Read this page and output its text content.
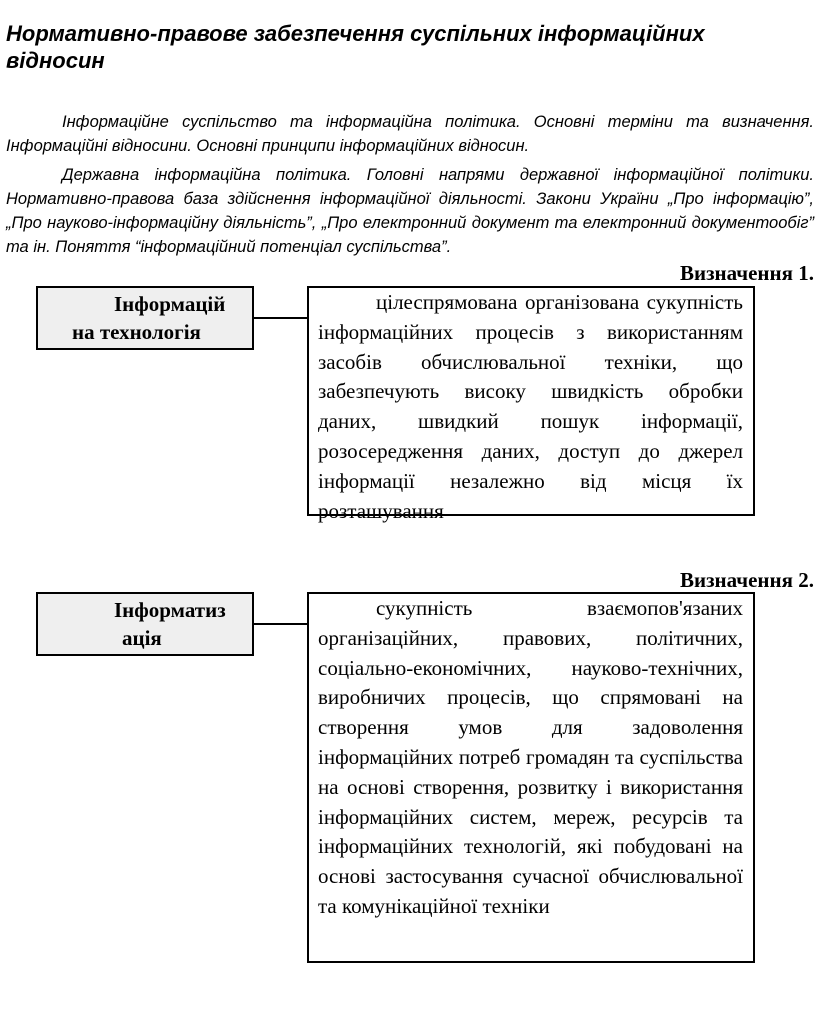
Нормативно-правове забезпечення суспільних інформаційних відносин

Інформаційне суспільство та інформаційна політика. Основні терміни та визначення. Інформаційні відносини. Основні принципи інформаційних відносин.

Державна інформаційна політика. Головні напрями державної інформаційної політики. Нормативно-правова база здійснення інформаційної діяльності. Закони України „Про інформацію”, „Про науково-інформаційну діяльність”, „Про електронний документ та електронний документообіг” та ін. Поняття “інформаційний потенціал суспільства”.

Визначення 1.
Інформацій
на технологія

цілеспрямована організована сукупність інформаційних процесів з використанням засобів обчислювальної техніки, що забезпечують високу швидкість обробки даних, швидкий пошук інформації, розосередження даних, доступ до джерел інформації незалежно від місця їх розташування

Визначення 2.
Інформатиз
ація

сукупність взаємопов'язаних організаційних, правових, політичних, соціально-економічних, науково-технічних, виробничих процесів, що спрямовані на створення умов для задоволення інформаційних потреб громадян та суспільства на основі створення, розвитку і використання інформаційних систем, мереж, ресурсів та інформаційних технологій, які побудовані на основі застосування сучасної обчислювальної та комунікаційної техніки
